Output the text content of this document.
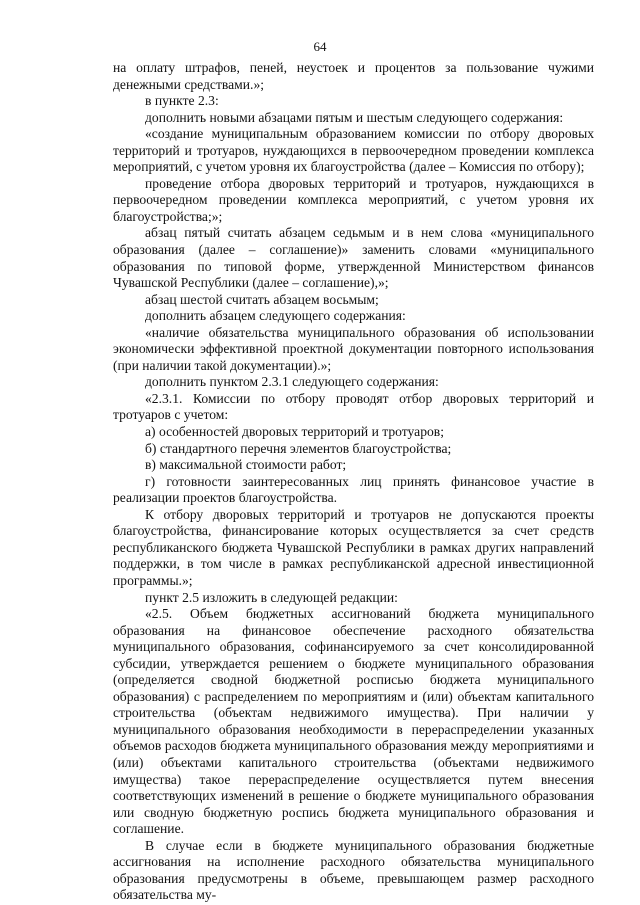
64

на оплату штрафов, пеней, неустоек и процентов за пользование чужими денежными средствами.»;

в пункте 2.3:

дополнить новыми абзацами пятым и шестым следующего содержания:

«создание муниципальным образованием комиссии по отбору дворовых территорий и тротуаров, нуждающихся в первоочередном проведении комплекса мероприятий, с учетом уровня их благоустройства (далее – Комиссия по отбору);

проведение отбора дворовых территорий и тротуаров, нуждающихся в первоочередном проведении комплекса мероприятий, с учетом уровня их благоустройства;»;

абзац пятый считать абзацем седьмым и в нем слова «муниципального образования (далее – соглашение)» заменить словами «муниципального образования по типовой форме, утвержденной Министерством финансов Чувашской Республики (далее – соглашение),»;

абзац шестой считать абзацем восьмым;

дополнить абзацем следующего содержания:

«наличие обязательства муниципального образования об использовании экономически эффективной проектной документации повторного использования (при наличии такой документации).»;

дополнить пунктом 2.3.1 следующего содержания:

«2.3.1. Комиссии по отбору проводят отбор дворовых территорий и тротуаров с учетом:

а) особенностей дворовых территорий и тротуаров;

б) стандартного перечня элементов благоустройства;

в) максимальной стоимости работ;

г) готовности заинтересованных лиц принять финансовое участие в реализации проектов благоустройства.

К отбору дворовых территорий и тротуаров не допускаются проекты благоустройства, финансирование которых осуществляется за счет средств республиканского бюджета Чувашской Республики в рамках других направлений поддержки, в том числе в рамках республиканской адресной инвестиционной программы.»;

пункт 2.5 изложить в следующей редакции:

«2.5. Объем бюджетных ассигнований бюджета муниципального образования на финансовое обеспечение расходного обязательства муниципального образования, софинансируемого за счет консолидированной субсидии, утверждается решением о бюджете муниципального образования (определяется сводной бюджетной росписью бюджета муниципального образования) с распределением по мероприятиям и (или) объектам капитального строительства (объектам недвижимого имущества). При наличии у муниципального образования необходимости в перераспределении указанных объемов расходов бюджета муниципального образования между мероприятиями и (или) объектами капитального строительства (объектами недвижимого имущества) такое перераспределение осуществляется путем внесения соответствующих изменений в решение о бюджете муниципального образования или сводную бюджетную роспись бюджета муниципального образования и соглашение.

В случае если в бюджете муниципального образования бюджетные ассигнования на исполнение расходного обязательства муниципального образования предусмотрены в объеме, превышающем размер расходного обязательства му-
